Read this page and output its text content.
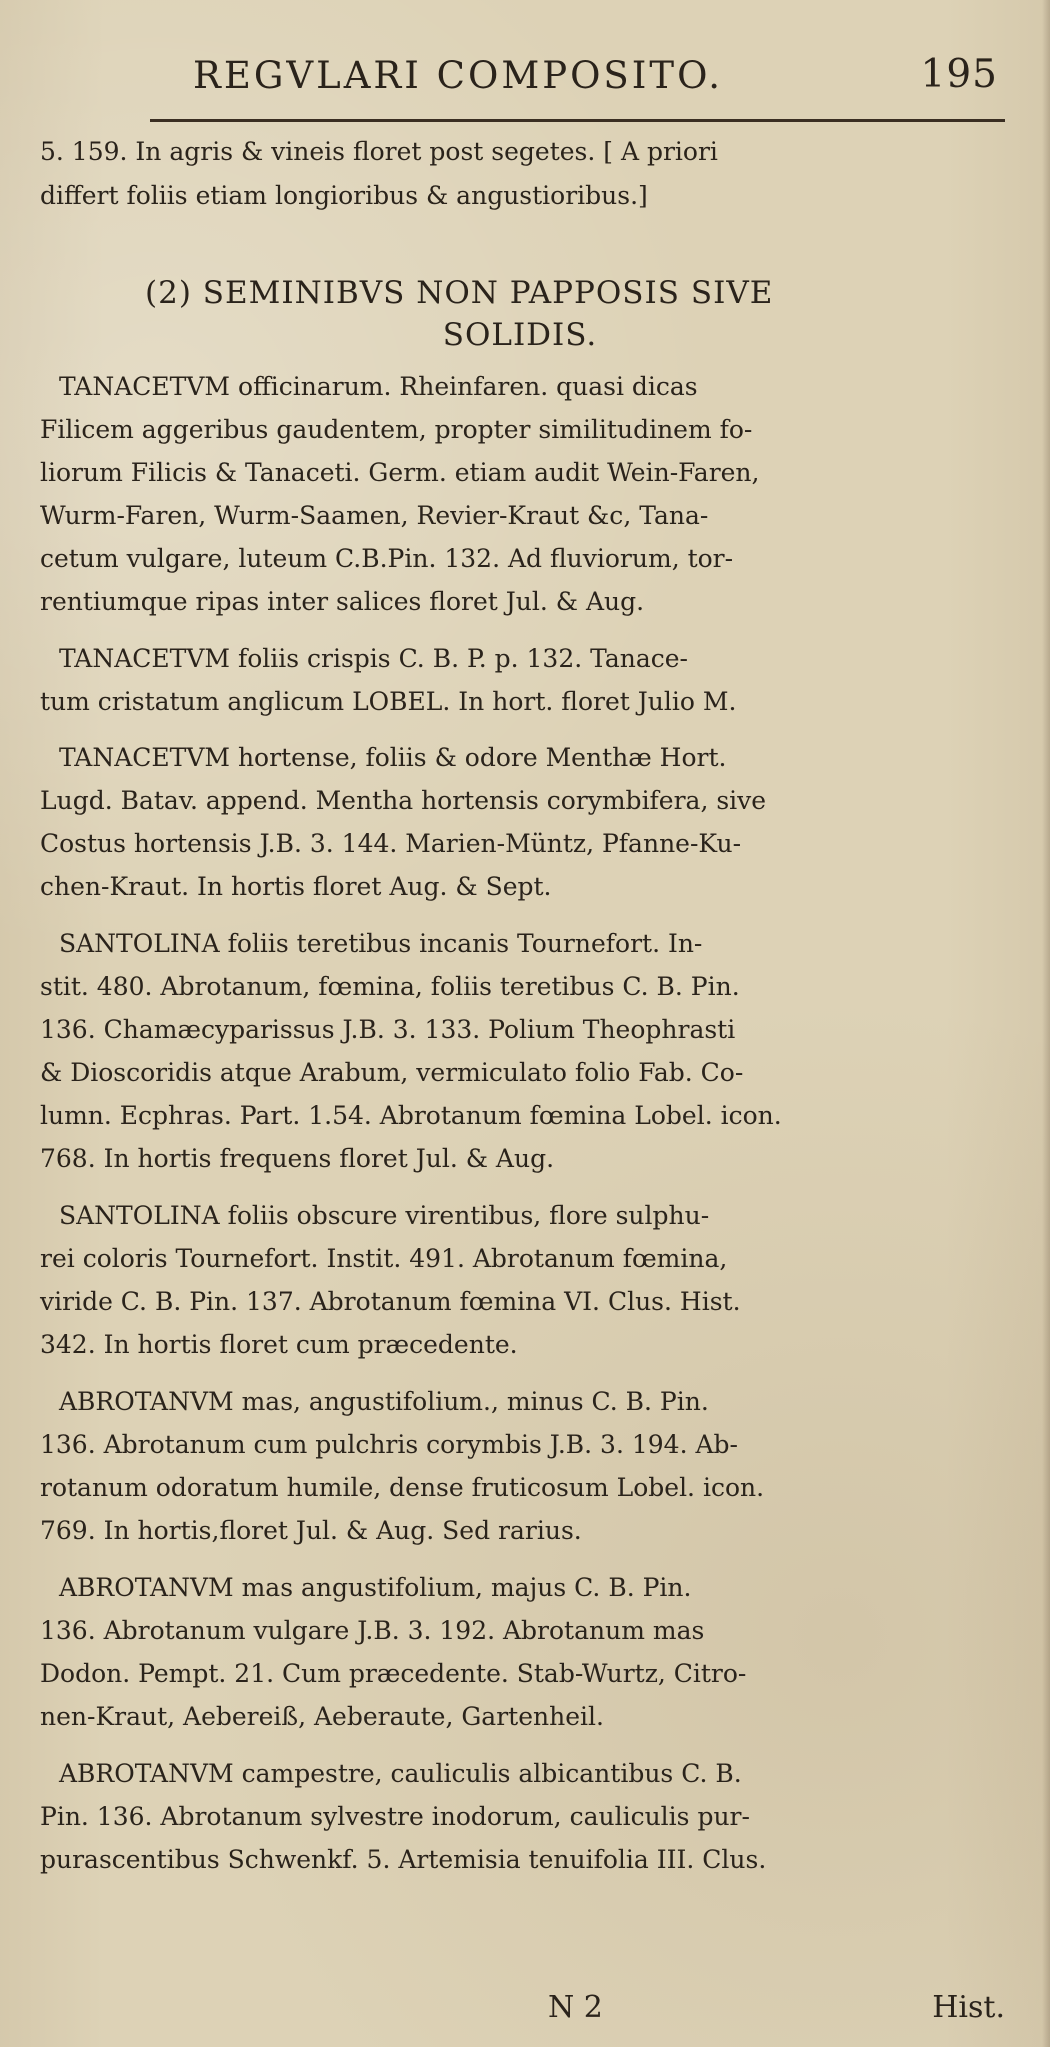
REGVLARI COMPOSITO.	195
5. 159. In agris & vineis floret post segetes. [ A priori
differt foliis etiam longioribus & angustioribus.]
(2) SEMINIBVS NON PAPPOSIS SIVE
SOLIDIS.
TANACETVM officinarum. Rheinfaren. quasi dicas
Filicem aggeribus gaudentem, propter similitudinem fo-
liorum Filicis & Tanaceti. Germ. etiam audit Wein-Faren,
Wurm-Faren, Wurm-Saamen, Revier-Kraut &c, Tana-
cetum vulgare, luteum C.B.Pin. 132. Ad fluviorum, tor-
rentiumque ripas inter salices floret Jul. & Aug.
TANACETVM foliis crispis C. B. P. p. 132. Tanace-
tum cristatum anglicum LOBEL. In hort. floret Julio M.
TANACETVM hortense, foliis & odore Menthæ Hort.
Lugd. Batav. append. Mentha hortensis corymbifera, sive
Costus hortensis J.B. 3. 144. Marien-Müntz, Pfanne-Ku-
chen-Kraut. In hortis floret Aug. & Sept.
SANTOLINA foliis teretibus incanis Tournefort. In-
stit. 480. Abrotanum, fœmina, foliis teretibus C. B. Pin.
136. Chamæcyparissus J.B. 3. 133. Polium Theophrasti
& Dioscoridis atque Arabum, vermiculato folio Fab. Co-
lumn. Ecphras. Part. 1.54. Abrotanum fœmina Lobel. icon.
768. In hortis frequens floret Jul. & Aug.
SANTOLINA foliis obscure virentibus, flore sulphu-
rei coloris Tournefort. Instit. 491. Abrotanum fœmina,
viride C. B. Pin. 137. Abrotanum fœmina VI. Clus. Hist.
342. In hortis floret cum præcedente.
ABROTANVM mas, angustifolium., minus C. B. Pin.
136. Abrotanum cum pulchris corymbis J.B. 3. 194. Ab-
rotanum odoratum humile, dense fruticosum Lobel. icon.
769. In hortis,floret Jul. & Aug. Sed rarius.
ABROTANVM mas angustifolium, majus C. B. Pin.
136. Abrotanum vulgare J.B. 3. 192. Abrotanum mas
Dodon. Pempt. 21. Cum præcedente. Stab-Wurtz, Citro-
nen-Kraut, Aebereiß, Aeberaute, Gartenheil.
ABROTANVM campestre, cauliculis albicantibus C. B.
Pin. 136. Abrotanum sylvestre inodorum, cauliculis pur-
purascentibus Schwenkf. 5. Artemisia tenuifolia III. Clus.
N 2	Hist.
